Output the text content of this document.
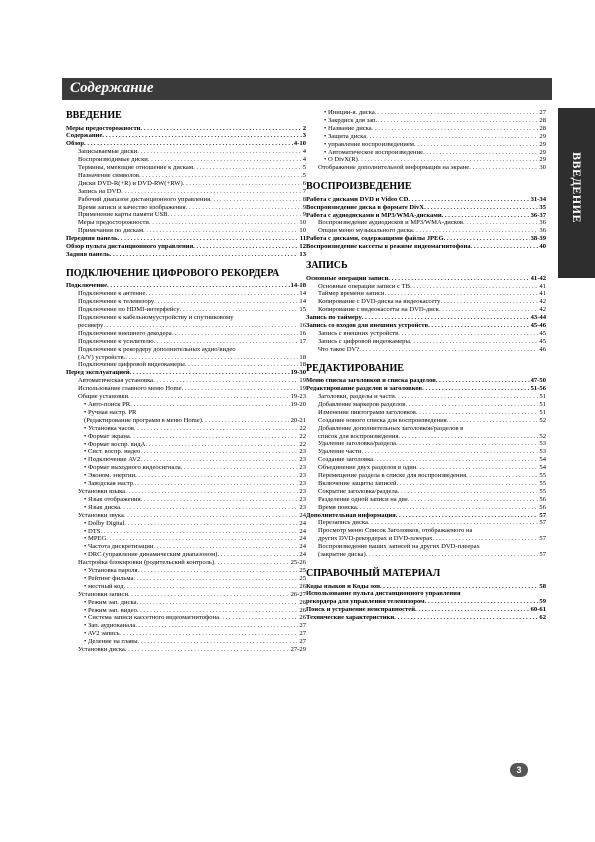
Содержание
ВВЕДЕНИЕ
ВВЕДЕНИЕ
Меры предосторожности . . .	2
Содержание . . .	3
Обзор . . .	4-10
Записываемые диски . . .	4
Воспроизводимые диски . . .	4
Термины, имеющие отношение к дискам . . .	5
Назначение символов . . .	5
Диски DVD-R(+R) и DVD-RW(+RW) . . .	6
Запись на DVD . . .	7
Рабочий диапазон дистанционного управления . . .	8
Время записи и качество изображения . . .	9
Применение карты памяти USB . . .	9
Меры предосторожности . . .	10
Примечания по дискам . . .	10
Передняя панель . . .	11
Обзор пульта дистанционного управления . . .	12
Задняя панель . . .	13
ПОДКЛЮЧЕНИЕ ЦИФРОВОГО РЕКОРДЕРА
Подключение . . .	14-18
Подключение к антенне . . .	14
Подключение к телевизору . . .	14
Подключение по HDMI-интерфейсу . . .	15
Подключение к кабельномуустройству и спутниковому
ресиверу . . .	16
Подключение внешнего декодера . . .	16
Подключение к усилителю . . .	17
Подключение к рекордеру дополнительных аудио/видео
(A/V) устройств. . . .	18
Подключение цифровой видеокамеры . . .	18
Перед эксплуатацией . . .	19-30
Автоматическая установка . . .	19
Использование главного меню Home . . .	19
Общие установки . . .	19-23
• Авто-поиск PR . . .	19-20
• Ручная настр. PR
(Редактирование программ в меню Home) . . .	20-21
• Установка часов . . .	22
• Формат экрана . . .	22
• Формат воспр. видА . . .	22
• Сист. воспр. видео . . .	23
• Подключение AV2 . . .	23
• Формат выходного видеосигнала . . .	23
• Эконом. энергии . . .	23
• Заводская настр. . . .	23
Установки языка . . .	23
• Язык отображения . . .	23
• Язык диска . . .	23
Установки звука . . .	24
• Dolby Digital . . .	24
• DTS . . .	24
• MPEG . . .	24
• Частота дискретизации . . .	24
• DRC (управление динамическим диапазоном) . . .	24
Настройка блокировки (родительский контроль) . . .	25-26
• Установка пароля . . .	25
• Рейтинг фильма . . .	25
• местный код . . .	26
Установки записи . . .	26-27
• Режим зап. диска . . .	26
• Режим зап. видео . . .	26
• Система записи кассетного видеомагнитофона . . .	26
• Зап. аудиоканала . . .	27
• AV2 запись . . .	27
• Деление на главы . . .	27
Установки диска . . .	27-29
• Иниции-я. диска . . .	27
• Закрдиск для зап. . . .	28
• Название диска . . .	28
• Защита диска . . .	29
• управление воспроизведением . . .	29
• Автоматическое воспроизведение . . .	29
• О DivX(R) . . .	29
Отображение дополнительной информации на экране . . .	30
ВОСПРОИЗВЕДЕНИЕ
Работа с дисками DVD и Video CD . . .	31-34
Воспроизведение диска в формате DivX . . .	35
Работа с аудиодисками и MP3/WMA-дисками . . .	36-37
Воспроизведение аудиодисков и MP3/WMA-дисков . . .	36
Опции меню музыкального диска . . .	36
Работа с дисками, содержащими файлы JPEG . . .	38-39
Воспроизведение кассеты в режиме видеомагнитофона . . .	40
ЗАПИСЬ
Основные операции записи . . .	41-42
Основные операции записи с ТВ . . .	41
Таймер времени записи . . .	41
Копирование с DVD-диска на видеокассету . . .	42
Копирование с видеокассеты на DVD-диск . . .	42
Запись по таймеру . . .	43-44
Запись со входов для внешних устройств . . .	45-46
Запись с внешних устройств . . .	45
Запись с цифровой видеокамеры . . .	45
Что такое DV? . . .	46
РЕДАКТИРОВАНИЕ
Меню списка заголовков и списка разделов . . .	47-50
Редактирование разделов и заголовков . . .	51-56
Заголовки, разделы и части . . .	51
Добавление маркеров разделов . . .	51
Изменение пиктограмм заголовков . . .	51
Создание нового списка для воспроизведения . . .	52
Добавление дополнительных заголовков/разделов в
список для воспроизведения . . .	52
Удаление заголовка/раздела . . .	53
Удаление части . . .	53
Создание заголовка . . .	54
Объединение двух разделов в один . . .	54
Перемещение раздела в списке для воспроизведения . . .	55
Включение защиты записей . . .	55
Сокрытие заголовка/раздела . . .	55
Разделение одной записи на две . . .	56
Время поиска . . .	56
Дополнительная информация . . .	57
Перезапись диска . . .	57
Просмотр меню Список Заголовков, отображаемого на
других DVD-рекордерах и DVD-плеерах . . .	57
Воспроизведение ваших записей на других DVD-плеерах
(закрытие диска) . . .	57
СПРАВОЧНЫЙ МАТЕРИАЛ
Коды языков и Коды зон . . .	58
Использование пульта дистанционного управления
рекордера для управления телевизором . . .	59
Поиск и устранение неисправностей . . .	60-61
Технические характеристики . . .	62
3
